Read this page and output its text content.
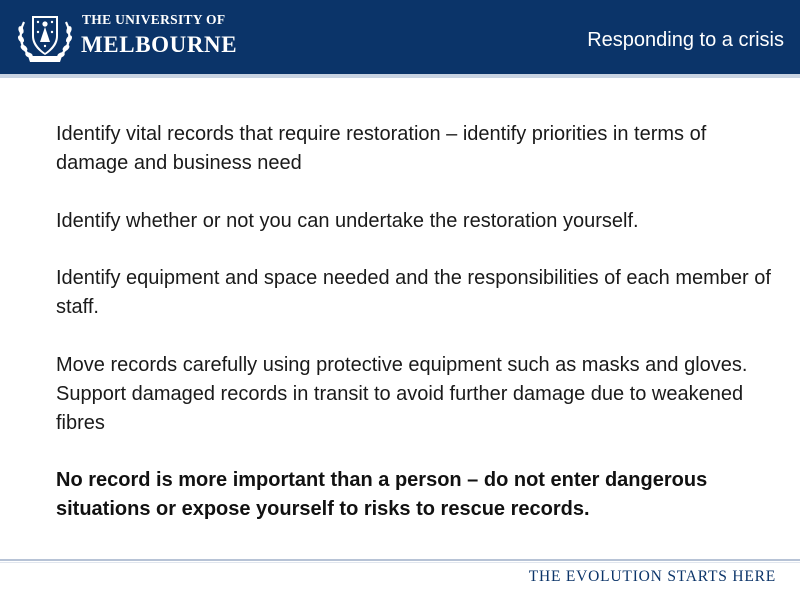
THE UNIVERSITY OF
MELBOURNE	Responding to a crisis

Identify vital records that require restoration – identify priorities in terms of damage and business need

Identify whether or not you can undertake the restoration yourself.

Identify equipment and space needed and the responsibilities of each member of staff.

Move records carefully using protective equipment such as masks and gloves. Support damaged records in transit to avoid further damage due to weakened fibres

No record is more important than a person – do not enter dangerous situations or expose yourself to risks to rescue records.

THE EVOLUTION STARTS HERE
